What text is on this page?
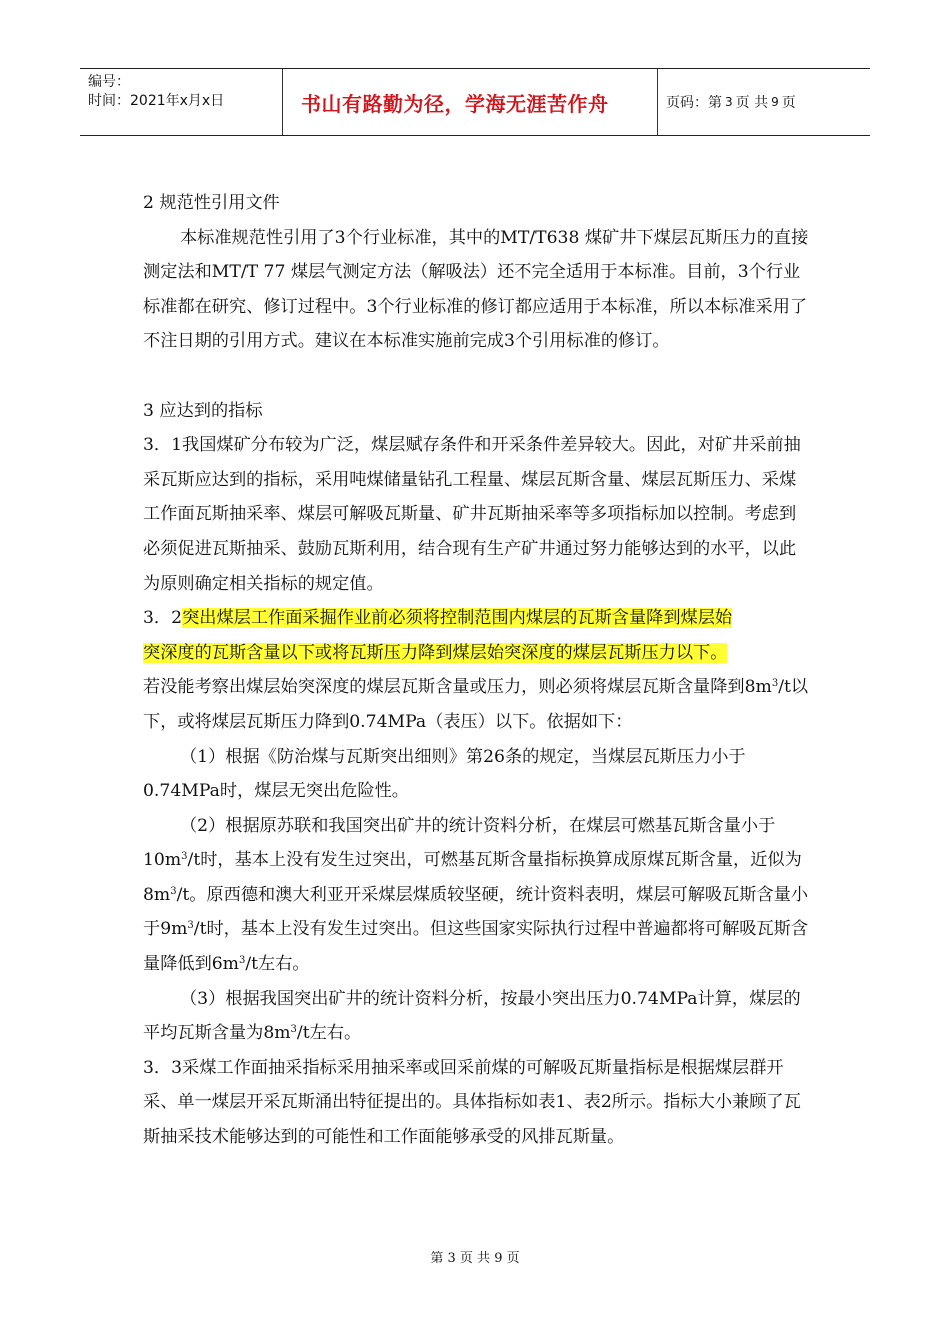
编号：
时间：2021年x月x日	书山有路勤为径，学海无涯苦作舟	页码：第 3 页 共 9 页

2 规范性引用文件

本标准规范性引用了3个行业标准，其中的MT/T638 煤矿井下煤层瓦斯压力的直接测定法和MT/T 77 煤层气测定方法（解吸法）还不完全适用于本标准。目前，3个行业标准都在研究、修订过程中。3个行业标准的修订都应适用于本标准，所以本标准采用了不注日期的引用方式。建议在本标准实施前完成3个引用标准的修订。

3 应达到的指标

3．1我国煤矿分布较为广泛，煤层赋存条件和开采条件差异较大。因此，对矿井采前抽采瓦斯应达到的指标，采用吨煤储量钻孔工程量、煤层瓦斯含量、煤层瓦斯压力、采煤工作面瓦斯抽采率、煤层可解吸瓦斯量、矿井瓦斯抽采率等多项指标加以控制。考虑到必须促进瓦斯抽采、鼓励瓦斯利用，结合现有生产矿井通过努力能够达到的水平，以此为原则确定相关指标的规定值。

3．2突出煤层工作面采掘作业前必须将控制范围内煤层的瓦斯含量降到煤层始
突深度的瓦斯含量以下或将瓦斯压力降到煤层始突深度的煤层瓦斯压力以下。
若没能考察出煤层始突深度的煤层瓦斯含量或压力，则必须将煤层瓦斯含量降到$8m^3/t$以下，或将煤层瓦斯压力降到0.74MPa（表压）以下。依据如下：

（1）根据《防治煤与瓦斯突出细则》第26条的规定，当煤层瓦斯压力小于0.74MPa时，煤层无突出危险性。

（2）根据原苏联和我国突出矿井的统计资料分析，在煤层可燃基瓦斯含量小于$10m^3/t$时，基本上没有发生过突出，可燃基瓦斯含量指标换算成原煤瓦斯含量，近似为$8m^3/t$。原西德和澳大利亚开采煤层煤质较坚硬，统计资料表明，煤层可解吸瓦斯含量小于$9m^3/t$时，基本上没有发生过突出。但这些国家实际执行过程中普遍都将可解吸瓦斯含量降低到$6m^3/t$左右。

（3）根据我国突出矿井的统计资料分析，按最小突出压力0.74MPa计算，煤层的平均瓦斯含量为$8m^3/t$左右。

3．3采煤工作面抽采指标采用抽采率或回采前煤的可解吸瓦斯量指标是根据煤层群开采、单一煤层开采瓦斯涌出特征提出的。具体指标如表1、表2所示。指标大小兼顾了瓦斯抽采技术能够达到的可能性和工作面能够承受的风排瓦斯量。

第 3 页 共 9 页
